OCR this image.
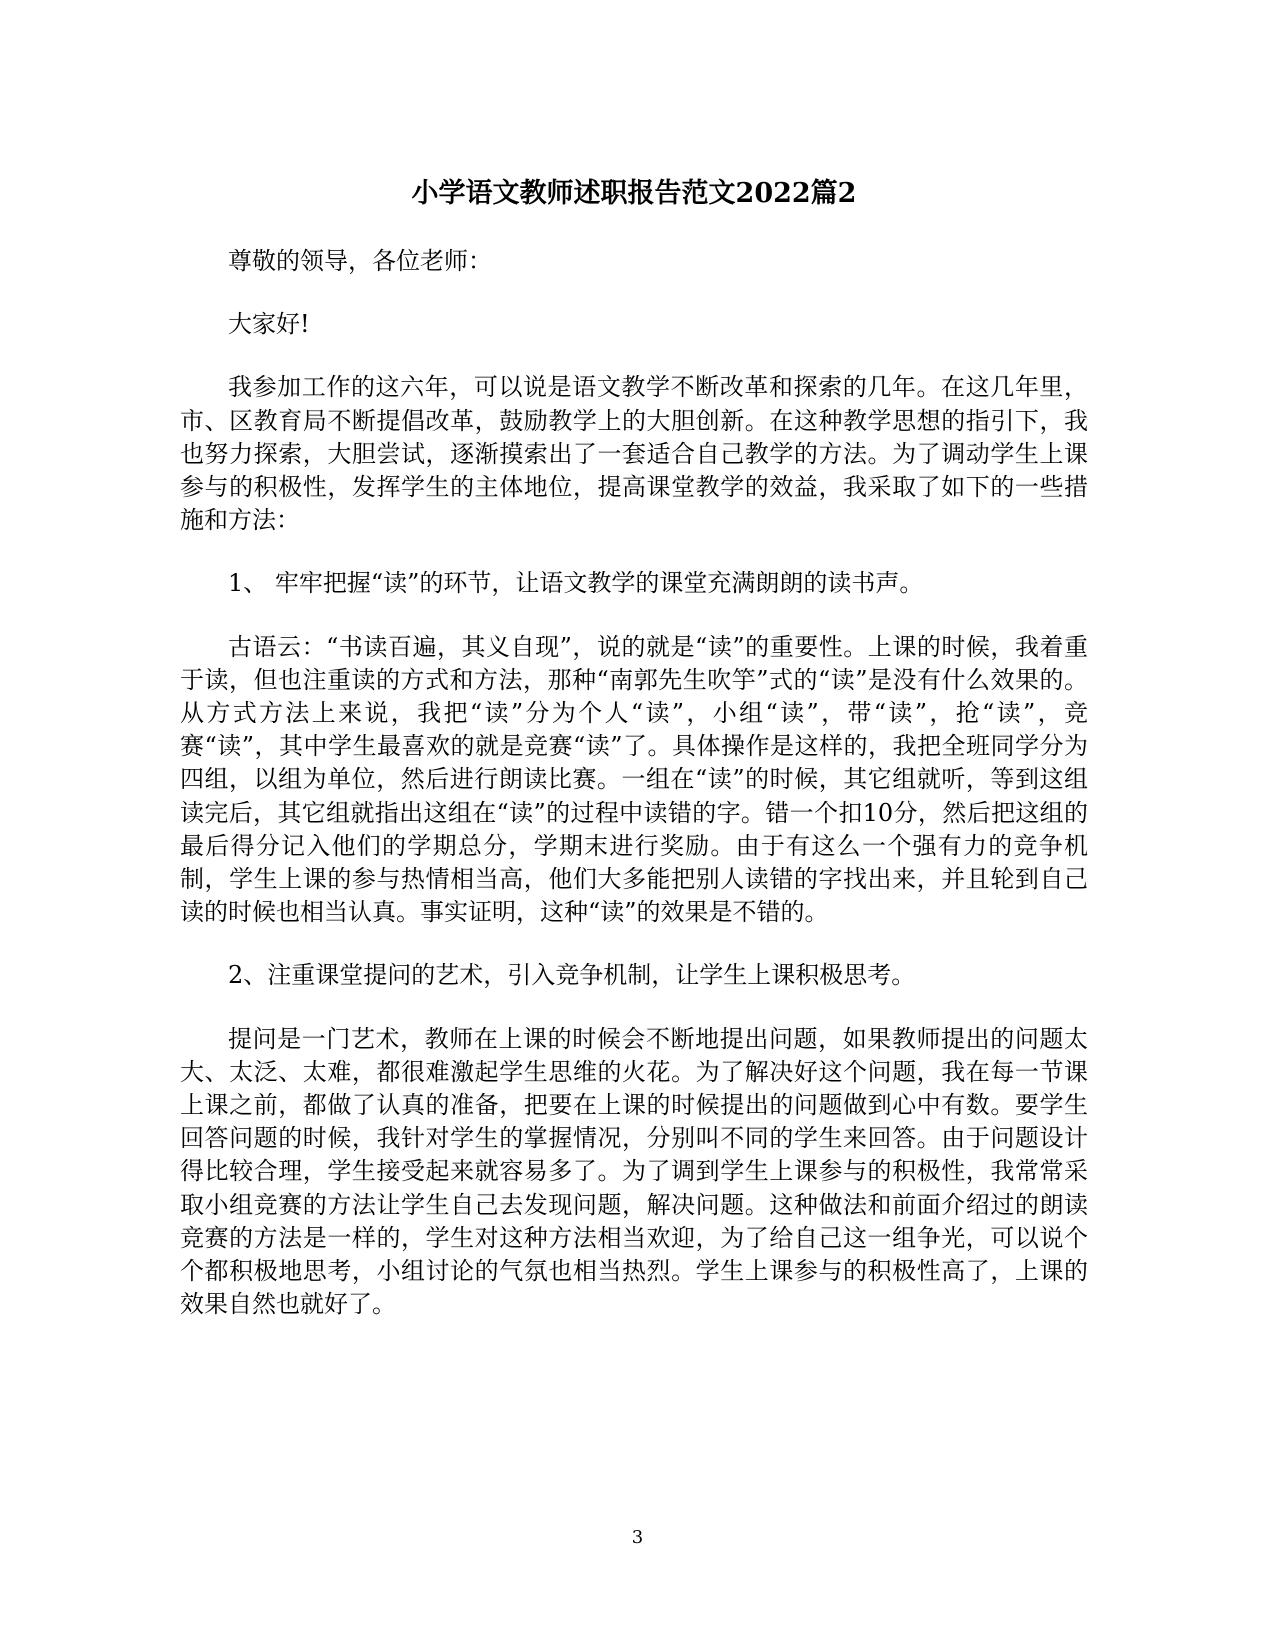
小学语文教师述职报告范文2022篇2

尊敬的领导，各位老师：

大家好!

我参加工作的这六年，可以说是语文教学不断改革和探索的几年。在这几年里，市、区教育局不断提倡改革，鼓励教学上的大胆创新。在这种教学思想的指引下，我也努力探索，大胆尝试，逐渐摸索出了一套适合自己教学的方法。为了调动学生上课参与的积极性，发挥学生的主体地位，提高课堂教学的效益，我采取了如下的一些措施和方法：

1、 牢牢把握“读”的环节，让语文教学的课堂充满朗朗的读书声。

古语云：“书读百遍，其义自现”，说的就是“读”的重要性。上课的时候，我着重于读，但也注重读的方式和方法，那种“南郭先生吹竽”式的“读”是没有什么效果的。从方式方法上来说，我把“读”分为个人“读”，小组“读”，带“读”，抢“读”，竞赛“读”，其中学生最喜欢的就是竞赛“读”了。具体操作是这样的，我把全班同学分为四组，以组为单位，然后进行朗读比赛。一组在“读”的时候，其它组就听，等到这组读完后，其它组就指出这组在“读”的过程中读错的字。错一个扣10分，然后把这组的最后得分记入他们的学期总分，学期末进行奖励。由于有这么一个强有力的竞争机制，学生上课的参与热情相当高，他们大多能把别人读错的字找出来，并且轮到自己读的时候也相当认真。事实证明，这种“读”的效果是不错的。

2、注重课堂提问的艺术，引入竞争机制，让学生上课积极思考。

提问是一门艺术，教师在上课的时候会不断地提出问题，如果教师提出的问题太大、太泛、太难，都很难激起学生思维的火花。为了解决好这个问题，我在每一节课上课之前，都做了认真的准备，把要在上课的时候提出的问题做到心中有数。要学生回答问题的时候，我针对学生的掌握情况，分别叫不同的学生来回答。由于问题设计得比较合理，学生接受起来就容易多了。为了调到学生上课参与的积极性，我常常采取小组竞赛的方法让学生自己去发现问题，解决问题。这种做法和前面介绍过的朗读竞赛的方法是一样的，学生对这种方法相当欢迎，为了给自己这一组争光，可以说个个都积极地思考，小组讨论的气氛也相当热烈。学生上课参与的积极性高了，上课的效果自然也就好了。

3
